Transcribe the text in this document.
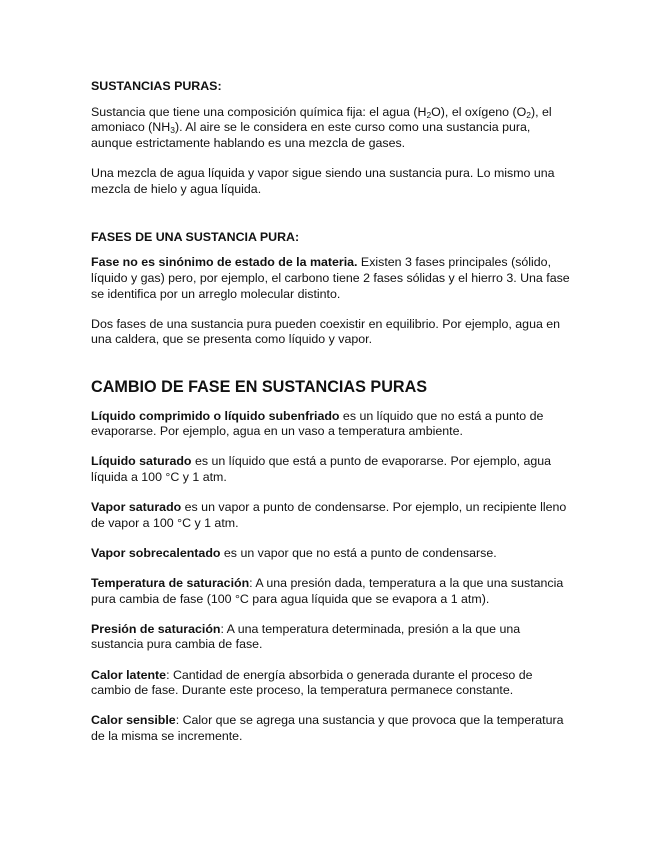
SUSTANCIAS PURAS:

Sustancia que tiene una composición química fija: el agua $(H_2O)$, el oxígeno $(O_2)$, el amoniaco $(NH_3)$. Al aire se le considera en este curso como una sustancia pura, aunque estrictamente hablando es una mezcla de gases.

Una mezcla de agua líquida y vapor sigue siendo una sustancia pura. Lo mismo una mezcla de hielo y agua líquida.

FASES DE UNA SUSTANCIA PURA:

Fase no es sinónimo de estado de la materia. Existen 3 fases principales (sólido, líquido y gas) pero, por ejemplo, el carbono tiene 2 fases sólidas y el hierro 3. Una fase se identifica por un arreglo molecular distinto.

Dos fases de una sustancia pura pueden coexistir en equilibrio. Por ejemplo, agua en una caldera, que se presenta como líquido y vapor.

CAMBIO DE FASE EN SUSTANCIAS PURAS

Líquido comprimido o líquido subenfriado es un líquido que no está a punto de evaporarse. Por ejemplo, agua en un vaso a temperatura ambiente.

Líquido saturado es un líquido que está a punto de evaporarse. Por ejemplo, agua líquida a 100 °C y 1 atm.

Vapor saturado es un vapor a punto de condensarse. Por ejemplo, un recipiente lleno de vapor a 100 °C y 1 atm.

Vapor sobrecalentado es un vapor que no está a punto de condensarse.

Temperatura de saturación: A una presión dada, temperatura a la que una sustancia pura cambia de fase (100 °C para agua líquida que se evapora a 1 atm).

Presión de saturación: A una temperatura determinada, presión a la que una sustancia pura cambia de fase.

Calor latente: Cantidad de energía absorbida o generada durante el proceso de cambio de fase. Durante este proceso, la temperatura permanece constante.

Calor sensible: Calor que se agrega una sustancia y que provoca que la temperatura de la misma se incremente.
